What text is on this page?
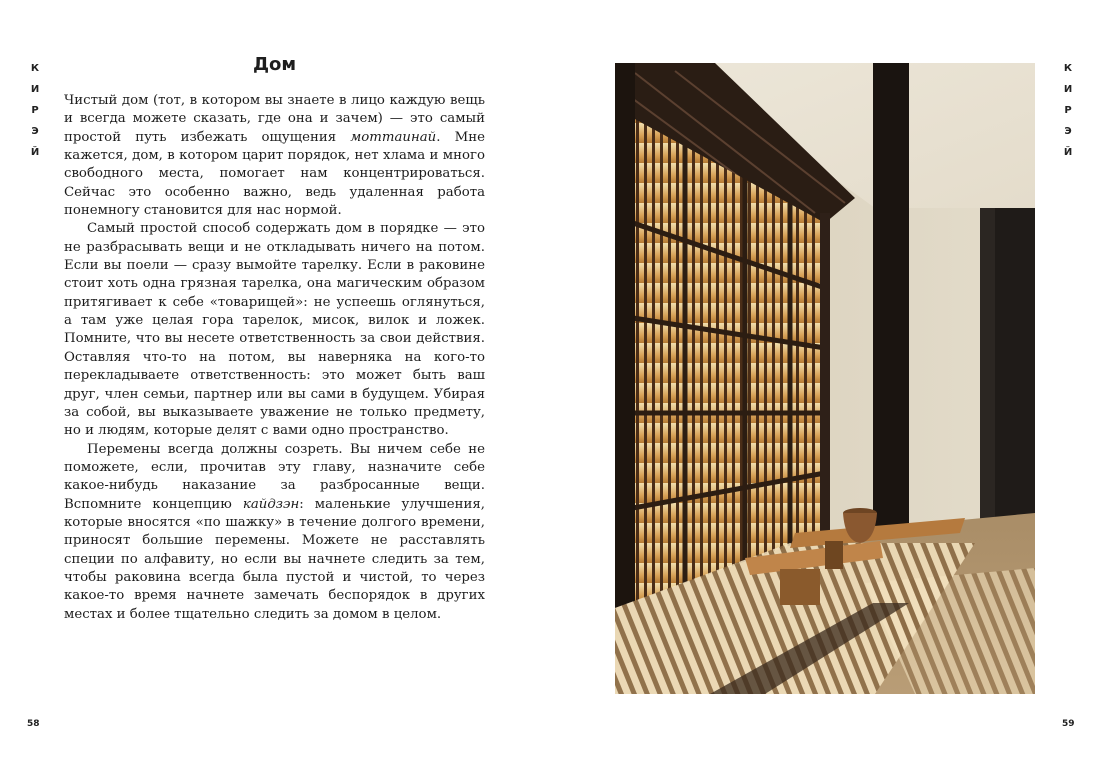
К
И
Р
Э
Й
К
И
Р
Э
Й
Дом

Чистый дом (тот, в котором вы знаете в лицо каждую вещь и всегда можете сказать, где она и зачем) — это самый простой путь избежать ощущения моттаинай. Мне кажется, дом, в котором царит порядок, нет хлама и много свободного места, помогает нам концентрироваться. Сейчас это особенно важно, ведь удаленная работа понемногу становится для нас нормой.

Самый простой способ содержать дом в порядке — это не разбрасывать вещи и не откладывать ничего на потом. Если вы поели — сразу вымойте тарелку. Если в раковине стоит хоть одна грязная тарелка, она магическим образом притягивает к себе «товарищей»: не успеешь оглянуться, а там уже целая гора тарелок, мисок, вилок и ложек. Помните, что вы несете ответственность за свои действия. Оставляя что-то на потом, вы наверняка на кого-то перекладываете ответственность: это может быть ваш друг, член семьи, партнер или вы сами в будущем. Убирая за собой, вы выказываете уважение не только предмету, но и людям, которые делят с вами одно пространство.

Перемены всегда должны созреть. Вы ничем себе не поможете, если, прочитав эту главу, назначите себе какое-нибудь наказание за разбросанные вещи. Вспомните концепцию кайдзэн: маленькие улучшения, которые вносятся «по шажку» в течение долгого времени, приносят большие перемены. Можете не расставлять специи по алфавиту, но если вы начнете следить за тем, чтобы раковина всегда была пустой и чистой, то через какое-то время начнете замечать беспорядок в других местах и более тщательно следить за домом в целом.

58	59
